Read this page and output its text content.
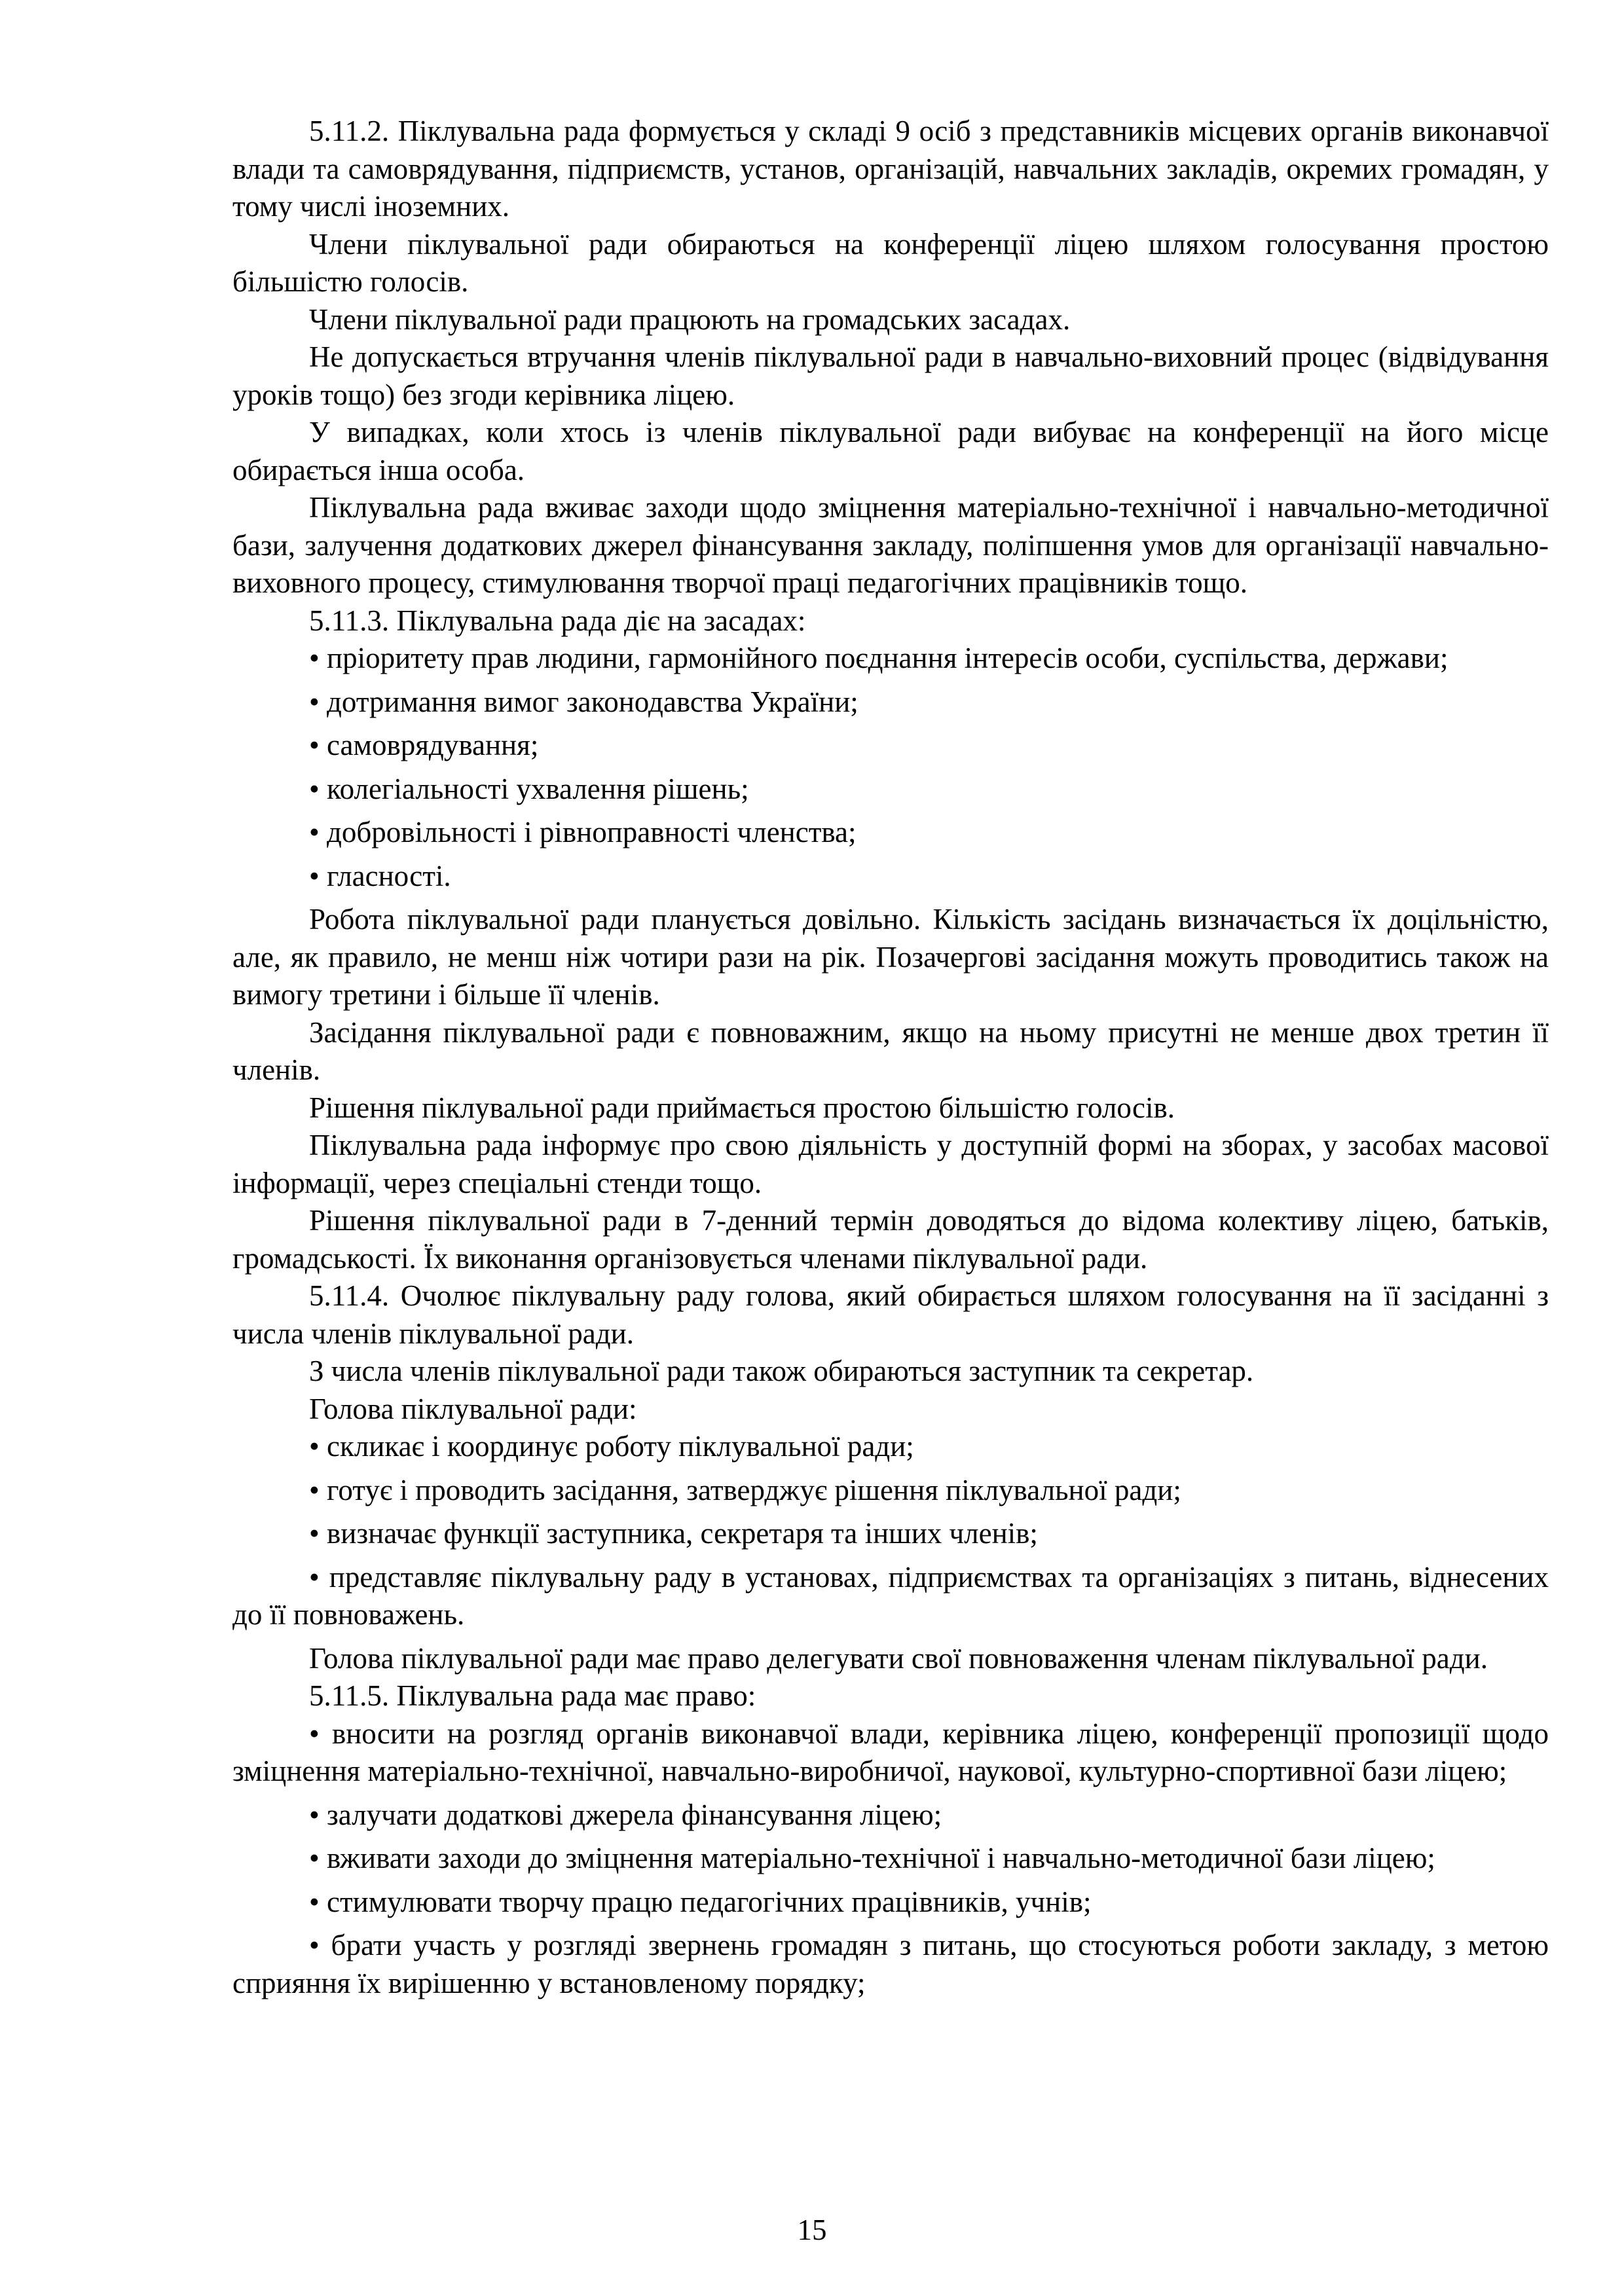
5.11.2. Піклувальна рада формується у складі 9 осіб з представників місцевих органів виконавчої влади та самоврядування, підприємств, установ, організацій, навчальних закладів, окремих громадян, у тому числі іноземних.

Члени піклувальної ради обираються на конференції ліцею шляхом голосування простою більшістю голосів.

Члени піклувальної ради працюють на громадських засадах.

Не допускається втручання членів піклувальної ради в навчально-виховний процес (відвідування уроків тощо) без згоди керівника ліцею.

У випадках, коли хтось із членів піклувальної ради вибуває на конференції на його місце обирається інша особа.

Піклувальна рада вживає заходи щодо зміцнення матеріально-технічної і навчально-методичної бази, залучення додаткових джерел фінансування закладу, поліпшення умов для організації навчально-виховного процесу, стимулювання творчої праці педагогічних працівників тощо.

5.11.3. Піклувальна рада діє на засадах:

• пріоритету прав людини, гармонійного поєднання інтересів особи, суспільства, держави;

• дотримання вимог законодавства України;

• самоврядування;

• колегіальності ухвалення рішень;

• добровільності і рівноправності членства;

• гласності.

Робота піклувальної ради планується довільно. Кількість засідань визначається їх доцільністю, але, як правило, не менш ніж чотири рази на рік. Позачергові засідання можуть проводитись також на вимогу третини і більше її членів.

Засідання піклувальної ради є повноважним, якщо на ньому присутні не менше двох третин її членів.

Рішення піклувальної ради приймається простою більшістю голосів.

Піклувальна рада інформує про свою діяльність у доступній формі на зборах, у засобах масової інформації, через спеціальні стенди тощо.

Рішення піклувальної ради в 7-денний термін доводяться до відома колективу ліцею, батьків, громадськості. Їх виконання організовується членами піклувальної ради.

5.11.4. Очолює піклувальну раду голова, який обирається шляхом голосування на її засіданні з числа членів піклувальної ради.

З числа членів піклувальної ради також обираються заступник та секретар.

Голова піклувальної ради:

• скликає і координує роботу піклувальної ради;

• готує і проводить засідання, затверджує рішення піклувальної ради;

• визначає функції заступника, секретаря та інших членів;

• представляє піклувальну раду в установах, підприємствах та організаціях з питань, віднесених до її повноважень.

Голова піклувальної ради має право делегувати свої повноваження членам піклувальної ради.

5.11.5. Піклувальна рада має право:

• вносити на розгляд органів виконавчої влади, керівника ліцею, конференції пропозиції щодо зміцнення матеріально-технічної, навчально-виробничої, наукової, культурно-спортивної бази ліцею;

• залучати додаткові джерела фінансування ліцею;

• вживати заходи до зміцнення матеріально-технічної і навчально-методичної бази ліцею;

• стимулювати творчу працю педагогічних працівників, учнів;

• брати участь у розгляді звернень громадян з питань, що стосуються роботи закладу, з метою сприяння їх вирішенню у встановленому порядку;

15
